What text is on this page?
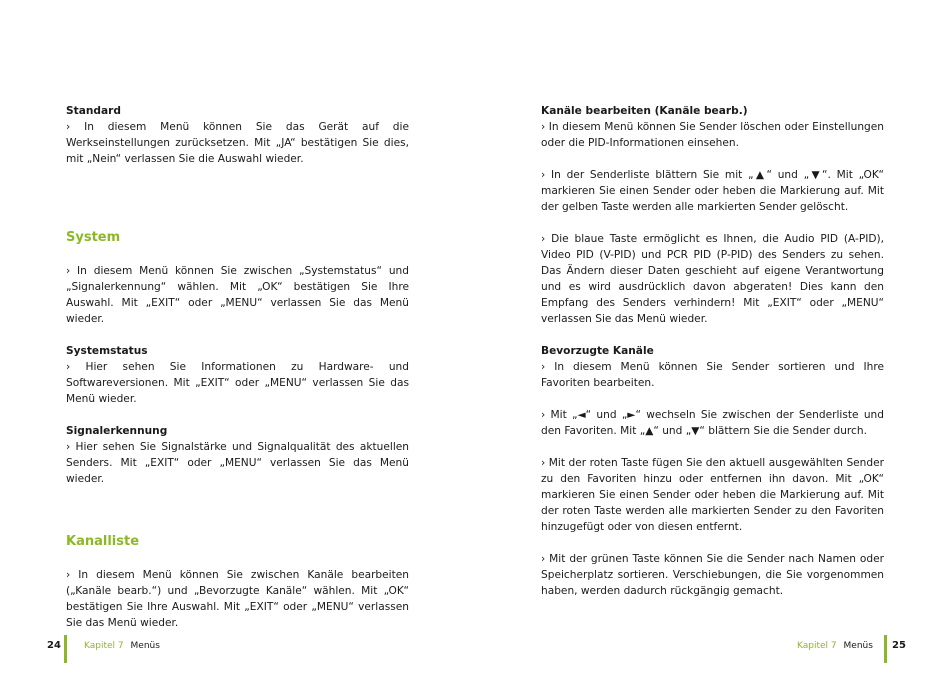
Standard

› In diesem Menü können Sie das Gerät auf die Werkseinstellungen zurücksetzen. Mit „JA“ bestätigen Sie dies, mit „Nein“ verlassen Sie die Auswahl wieder.

System

› In diesem Menü können Sie zwischen „Systemstatus“ und „Signalerkennung“ wählen. Mit „OK“ bestätigen Sie Ihre Auswahl. Mit „EXIT“ oder „MENU“ verlassen Sie das Menü wieder.

Systemstatus

› Hier sehen Sie Informationen zu Hardware- und Softwareversionen. Mit „EXIT“ oder „MENU“ verlassen Sie das Menü wieder.

Signalerkennung

› Hier sehen Sie Signalstärke und Signalqualität des aktuellen Senders. Mit „EXIT“ oder „MENU“ verlassen Sie das Menü wieder.

Kanalliste

› In diesem Menü können Sie zwischen Kanäle bearbeiten („Kanäle bearb.“) und „Bevorzugte Kanäle“ wählen. Mit „OK“ bestätigen Sie Ihre Auswahl. Mit „EXIT“ oder „MENU“ verlassen Sie das Menü wieder.

24	Kapitel 7 Menüs

Kanäle bearbeiten (Kanäle bearb.)

› In diesem Menü können Sie Sender löschen oder Einstellungen oder die PID-Informationen einsehen.

› In der Senderliste blättern Sie mit „▲“ und „▼“. Mit „OK“ markieren Sie einen Sender oder heben die Markierung auf. Mit der gelben Taste werden alle markierten Sender gelöscht.

› Die blaue Taste ermöglicht es Ihnen, die Audio PID (A-PID), Video PID (V-PID) und PCR PID (P-PID) des Senders zu sehen. Das Ändern dieser Daten geschieht auf eigene Verantwortung und es wird ausdrücklich davon abgeraten! Dies kann den Empfang des Senders verhindern! Mit „EXIT“ oder „MENU“ verlassen Sie das Menü wieder.

Bevorzugte Kanäle

› In diesem Menü können Sie Sender sortieren und Ihre Favoriten bearbeiten.

› Mit „◄“ und „►“ wechseln Sie zwischen der Senderliste und den Favoriten. Mit „▲“ und „▼“ blättern Sie die Sender durch.

› Mit der roten Taste fügen Sie den aktuell ausgewählten Sender zu den Favoriten hinzu oder entfernen ihn davon. Mit „OK“ markieren Sie einen Sender oder heben die Markierung auf. Mit der roten Taste werden alle markierten Sender zu den Favoriten hinzugefügt oder von diesen entfernt.

› Mit der grünen Taste können Sie die Sender nach Namen oder Speicherplatz sortieren. Verschiebungen, die Sie vorgenommen haben, werden dadurch rückgängig gemacht.

Kapitel 7 Menüs 25
